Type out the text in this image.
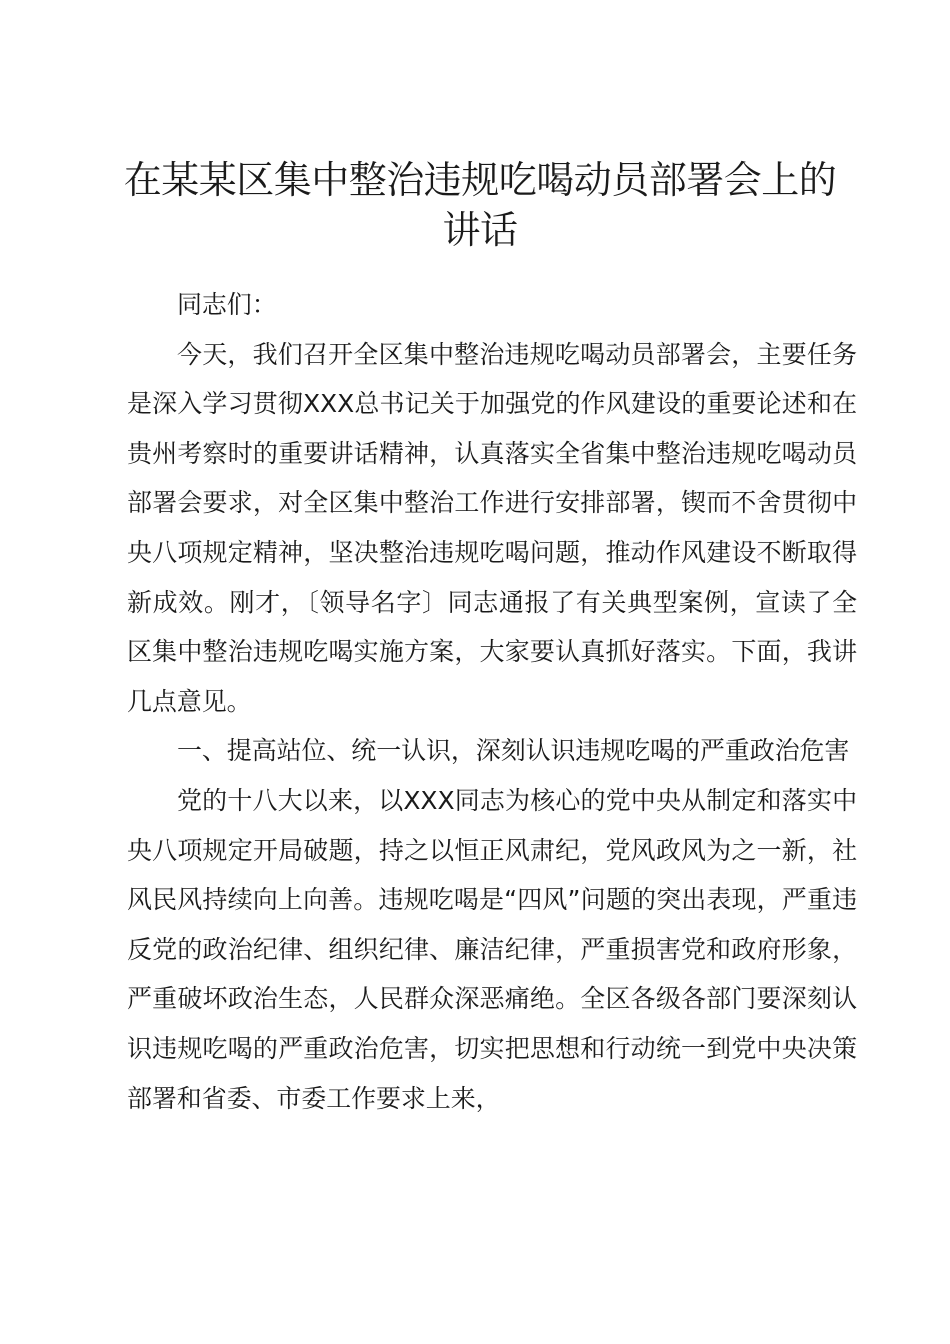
在某某区集中整治违规吃喝动员部署会上的讲话

同志们：

今天，我们召开全区集中整治违规吃喝动员部署会，主要任务是深入学习贯彻XXX总书记关于加强党的作风建设的重要论述和在贵州考察时的重要讲话精神，认真落实全省集中整治违规吃喝动员部署会要求，对全区集中整治工作进行安排部署，锲而不舍贯彻中央八项规定精神，坚决整治违规吃喝问题，推动作风建设不断取得新成效。刚才，〔领导名字〕同志通报了有关典型案例，宣读了全区集中整治违规吃喝实施方案，大家要认真抓好落实。下面，我讲几点意见。

一、提高站位、统一认识，深刻认识违规吃喝的严重政治危害

党的十八大以来，以XXX同志为核心的党中央从制定和落实中央八项规定开局破题，持之以恒正风肃纪，党风政风为之一新，社风民风持续向上向善。违规吃喝是“四风”问题的突出表现，严重违反党的政治纪律、组织纪律、廉洁纪律，严重损害党和政府形象，严重破坏政治生态，人民群众深恶痛绝。全区各级各部门要深刻认识违规吃喝的严重政治危害，切实把思想和行动统一到党中央决策部署和省委、市委工作要求上来，
